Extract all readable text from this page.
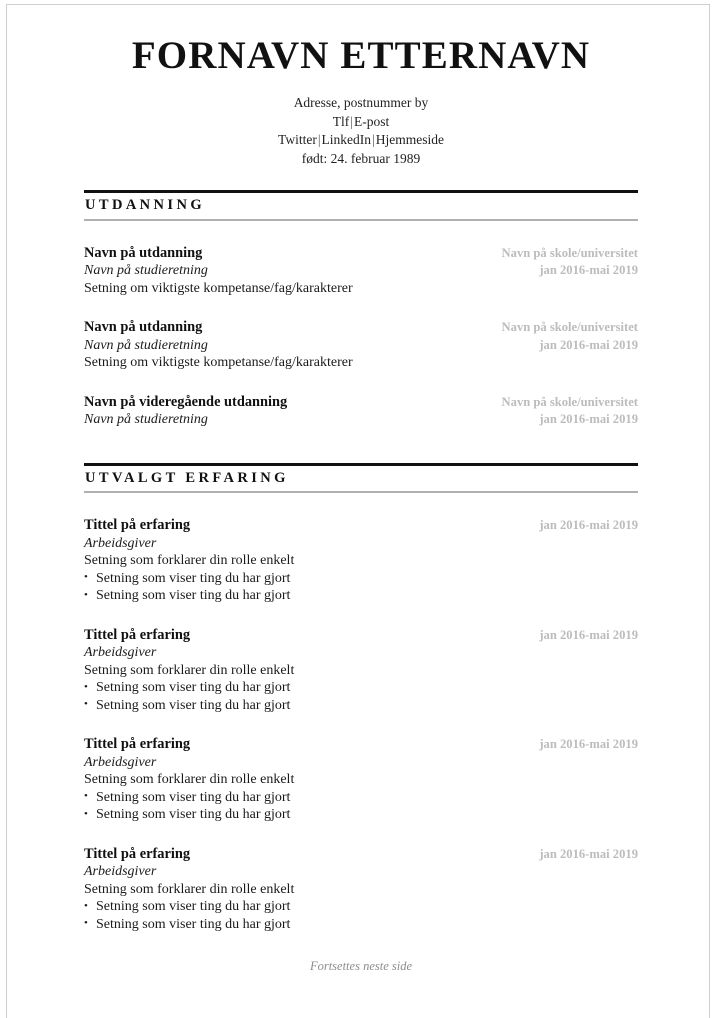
FORNAVN ETTERNAVN

Adresse, postnummer by

Tlf|E-post

Twitter|LinkedIn|Hjemmeside

født: 24. februar 1989

UTDANNING
Navn på utdanning
Navn på studieretning
Setning om viktigste kompetanse/fag/karakterer
Navn på skole/universitet
jan 2016-mai 2019
Navn på utdanning
Navn på studieretning
Setning om viktigste kompetanse/fag/karakterer
Navn på skole/universitet
jan 2016-mai 2019
Navn på videregående utdanning
Navn på studieretning
Navn på skole/universitet
jan 2016-mai 2019
UTVALGT ERFARING
Tittel på erfaring
Arbeidsgiver
Setning som forklarer din rolle enkelt
• Setning som viser ting du har gjort
• Setning som viser ting du har gjort
jan 2016-mai 2019
Tittel på erfaring
Arbeidsgiver
Setning som forklarer din rolle enkelt
• Setning som viser ting du har gjort
• Setning som viser ting du har gjort
jan 2016-mai 2019
Tittel på erfaring
Arbeidsgiver
Setning som forklarer din rolle enkelt
• Setning som viser ting du har gjort
• Setning som viser ting du har gjort
jan 2016-mai 2019
Tittel på erfaring
Arbeidsgiver
Setning som forklarer din rolle enkelt
• Setning som viser ting du har gjort
• Setning som viser ting du har gjort
jan 2016-mai 2019
Fortsettes neste side
